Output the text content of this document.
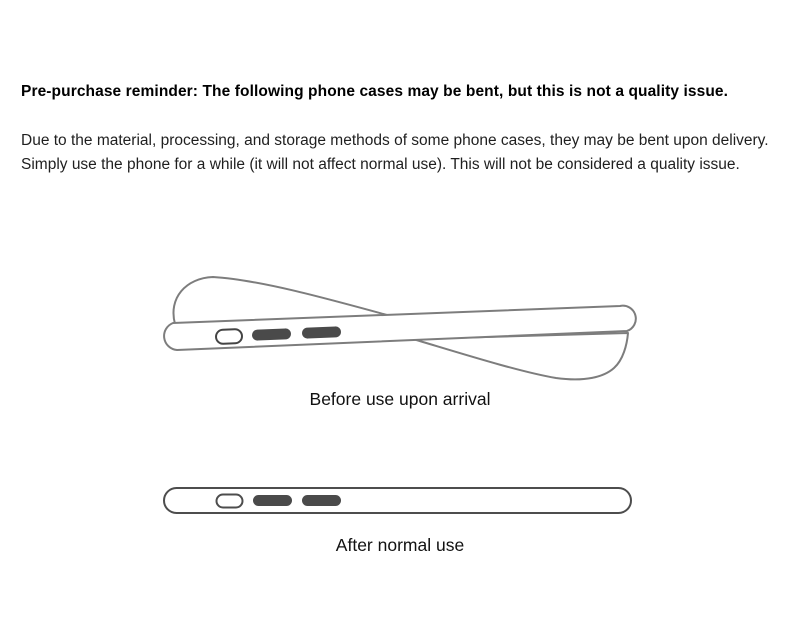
Pre-purchase reminder: The following phone cases may be bent, but this is not a quality issue.
Due to the material, processing, and storage methods of some phone cases, they may be bent upon delivery. Simply use the phone for a while (it will not affect normal use). This will not be considered a quality issue.
Before use upon arrival
After normal use
